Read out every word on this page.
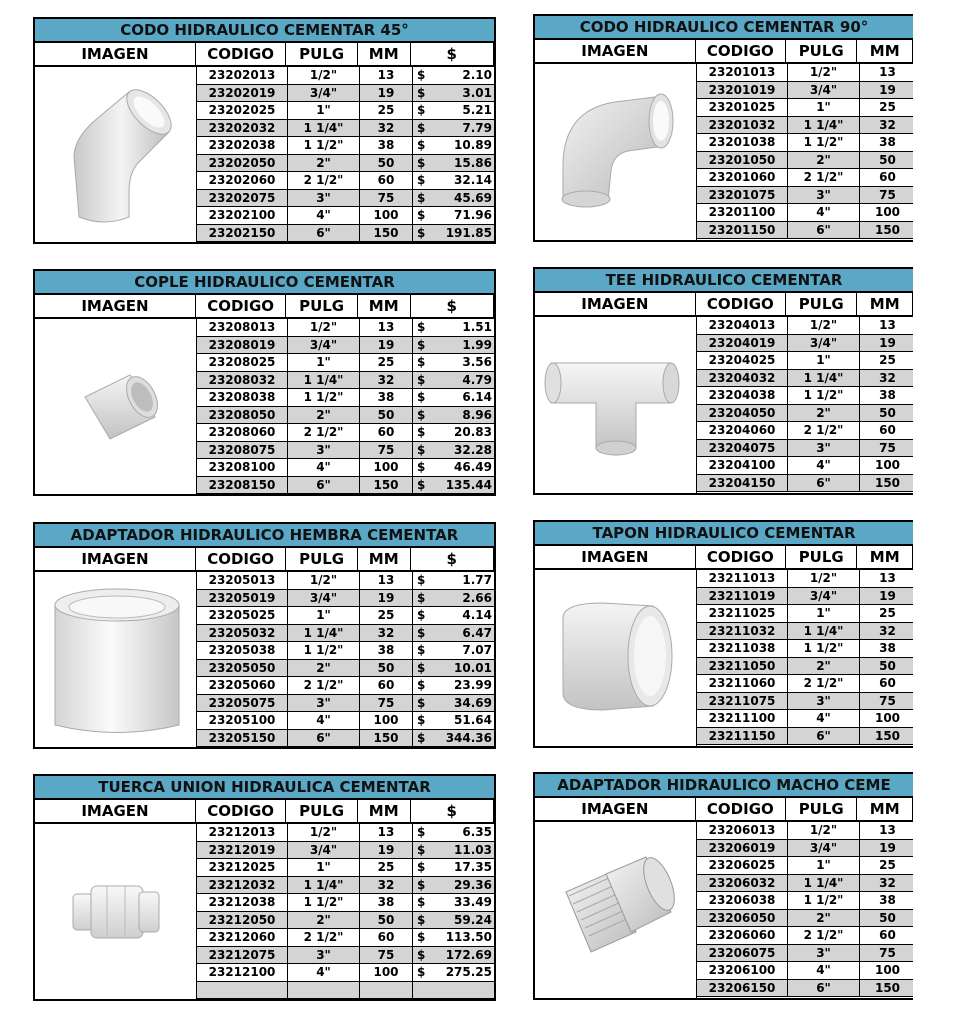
CODO HIDRAULICO CEMENTAR 45°
IMAGEN	CODIGO	PULG	MM	$
23202013	1/2"	13	$	2.10
23202019	3/4"	19	$	3.01
23202025	1"	25	$	5.21
23202032	1 1/4"	32	$	7.79
23202038	1 1/2"	38	$ 10.89
23202050	2"	50	$ 15.86
23202060	2 1/2"	60	$ 32.14
23202075	3"	75	$ 45.69
23202100	4"	100	$ 71.96
23202150	6"	150	$ 191.85
CODO HIDRAULICO CEMENTAR 90°
IMAGEN	CODIGO	PULG	MM
23201013	1/2"	13
23201019	3/4"	19
23201025	1"	25
23201032	1 1/4"	32
23201038	1 1/2"	38
23201050	2"	50
23201060	2 1/2"	60
23201075	3"	75
23201100	4"	100
23201150	6"	150
COPLE HIDRAULICO CEMENTAR
IMAGEN	CODIGO	PULG	MM	$
23208013	1/2"	13	$	1.51
23208019	3/4"	19	$	1.99
23208025	1"	25	$	3.56
23208032	1 1/4"	32	$	4.79
23208038	1 1/2"	38	$	6.14
23208050	2"	50	$	8.96
23208060	2 1/2"	60	$ 20.83
23208075	3"	75	$ 32.28
23208100	4"	100	$ 46.49
23208150	6"	150	$ 135.44
TEE HIDRAULICO CEMENTAR
IMAGEN	CODIGO	PULG	MM
23204013	1/2"	13
23204019	3/4"	19
23204025	1"	25
23204032	1 1/4"	32
23204038	1 1/2"	38
23204050	2"	50
23204060	2 1/2"	60
23204075	3"	75
23204100	4"	100
23204150	6"	150
ADAPTADOR HIDRAULICO HEMBRA CEMENTAR
IMAGEN	CODIGO	PULG	MM	$
23205013	1/2"	13	$	1.77
23205019	3/4"	19	$	2.66
23205025	1"	25	$	4.14
23205032	1 1/4"	32	$	6.47
23205038	1 1/2"	38	$	7.07
23205050	2"	50	$ 10.01
23205060	2 1/2"	60	$ 23.99
23205075	3"	75	$ 34.69
23205100	4"	100	$ 51.64
23205150	6"	150	$ 344.36
TAPON HIDRAULICO CEMENTAR
IMAGEN	CODIGO	PULG	MM
23211013	1/2"	13
23211019	3/4"	19
23211025	1"	25
23211032	1 1/4"	32
23211038	1 1/2"	38
23211050	2"	50
23211060	2 1/2"	60
23211075	3"	75
23211100	4"	100
23211150	6"	150
TUERCA UNION HIDRAULICA CEMENTAR
IMAGEN	CODIGO	PULG	MM	$
23212013	1/2"	13	$	6.35
23212019	3/4"	19	$ 11.03
23212025	1"	25	$ 17.35
23212032	1 1/4"	32	$ 29.36
23212038	1 1/2"	38	$ 33.49
23212050	2"	50	$ 59.24
23212060	2 1/2"	60	$ 113.50
23212075	3"	75	$ 172.69
23212100	4"	100	$ 275.25
ADAPTADOR HIDRAULICO MACHO CEME
IMAGEN	CODIGO	PULG	MM
23206013	1/2"	13
23206019	3/4"	19
23206025	1"	25
23206032	1 1/4"	32
23206038	1 1/2"	38
23206050	2"	50
23206060	2 1/2"	60
23206075	3"	75
23206100	4"	100
23206150	6"	150
